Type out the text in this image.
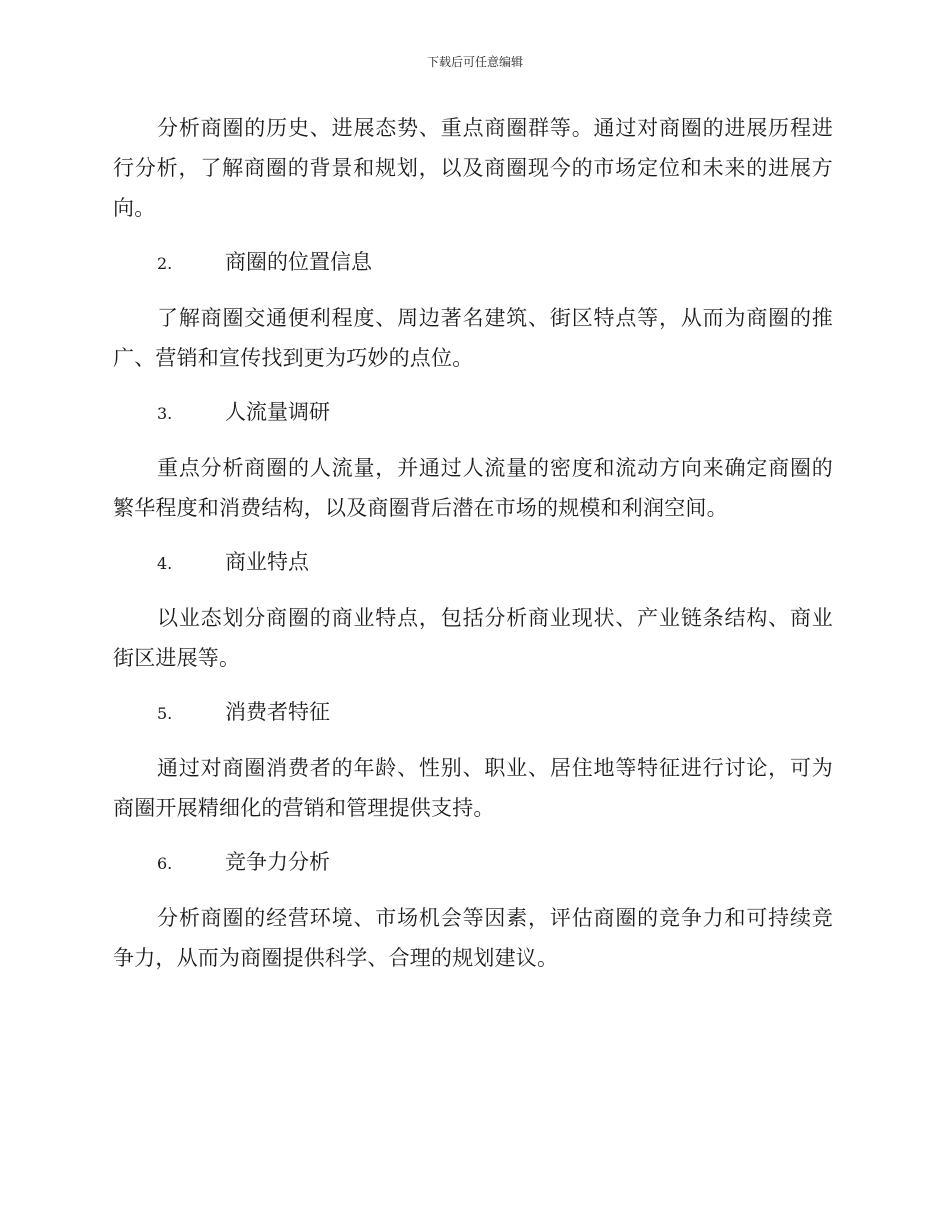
下载后可任意编辑

分析商圈的历史、进展态势、重点商圈群等。通过对商圈的进展历程进行分析，了解商圈的背景和规划，以及商圈现今的市场定位和未来的进展方向。

2.	商圈的位置信息

了解商圈交通便利程度、周边著名建筑、街区特点等，从而为商圈的推广、营销和宣传找到更为巧妙的点位。

3.	人流量调研

重点分析商圈的人流量，并通过人流量的密度和流动方向来确定商圈的繁华程度和消费结构，以及商圈背后潜在市场的规模和利润空间。

4.	商业特点

以业态划分商圈的商业特点，包括分析商业现状、产业链条结构、商业街区进展等。

5.	消费者特征

通过对商圈消费者的年龄、性别、职业、居住地等特征进行讨论，可为商圈开展精细化的营销和管理提供支持。

6.	竞争力分析

分析商圈的经营环境、市场机会等因素，评估商圈的竞争力和可持续竞争力，从而为商圈提供科学、合理的规划建议。
